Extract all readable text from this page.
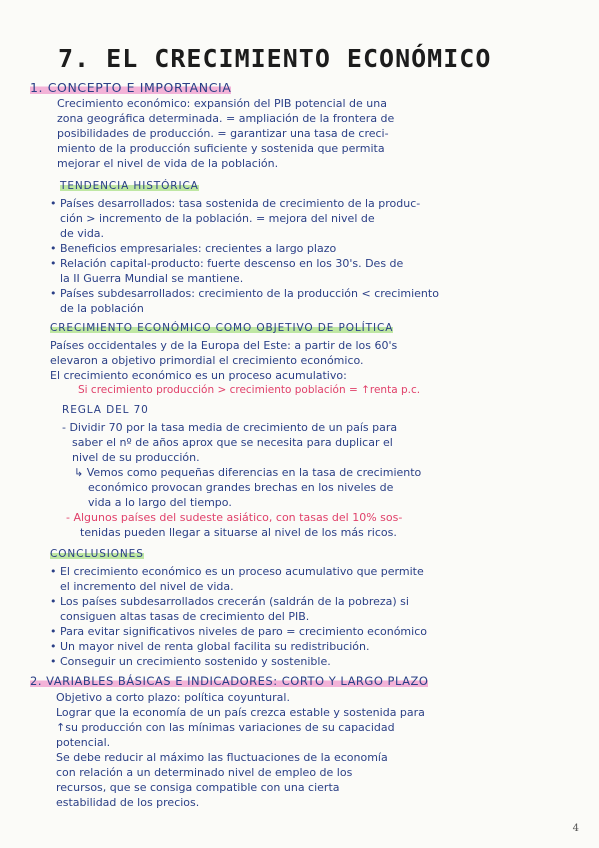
7. EL CRECIMIENTO ECONÓMICO
1. CONCEPTO E IMPORTANCIA
Crecimiento económico: expansión del PIB potencial de una
zona geográfica determinada. = ampliación de la frontera de
posibilidades de producción. = garantizar una tasa de creci-
miento de la producción suficiente y sostenida que permita
mejorar el nivel de vida de la población.
TENDENCIA HISTÓRICA
• Países desarrollados: tasa sostenida de crecimiento de la produc-
ción > incremento de la población. = mejora del nivel de
de vida.
• Beneficios empresariales: crecientes a largo plazo
• Relación capital-producto: fuerte descenso en los 30's. Des de
la II Guerra Mundial se mantiene.
• Países subdesarrollados: crecimiento de la producción < crecimiento
de la población
CRECIMIENTO ECONÓMICO COMO OBJETIVO DE POLÍTICA
Países occidentales y de la Europa del Este: a partir de los 60's
elevaron a objetivo primordial el crecimiento económico.
El crecimiento económico es un proceso acumulativo:
Si crecimiento producción > crecimiento población = ↑renta p.c.
REGLA DEL 70
- Dividir 70 por la tasa media de crecimiento de un país para
saber el nº de años aprox que se necesita para duplicar el
nivel de su producción.
↳ Vemos como pequeñas diferencias en la tasa de crecimiento
económico provocan grandes brechas en los niveles de
vida a lo largo del tiempo.
- Algunos países del sudeste asiático, con tasas del 10% sos-
tenidas pueden llegar a situarse al nivel de los más ricos.
CONCLUSIONES
• El crecimiento económico es un proceso acumulativo que permite
el incremento del nivel de vida.
• Los países subdesarrollados crecerán (saldrán de la pobreza) si
consiguen altas tasas de crecimiento del PIB.
• Para evitar significativos niveles de paro = crecimiento económico
• Un mayor nivel de renta global facilita su redistribución.
• Conseguir un crecimiento sostenido y sostenible.
2. VARIABLES BÁSICAS E INDICADORES: CORTO Y LARGO PLAZO
Objetivo a corto plazo: política coyuntural.
Lograr que la economía de un país crezca estable y sostenida para
↑su producción con las mínimas variaciones de su capacidad
potencial.
Se debe reducir al máximo las fluctuaciones de la economía
con relación a un determinado nivel de empleo de los
recursos, que se consiga compatible con una cierta
estabilidad de los precios.
4
